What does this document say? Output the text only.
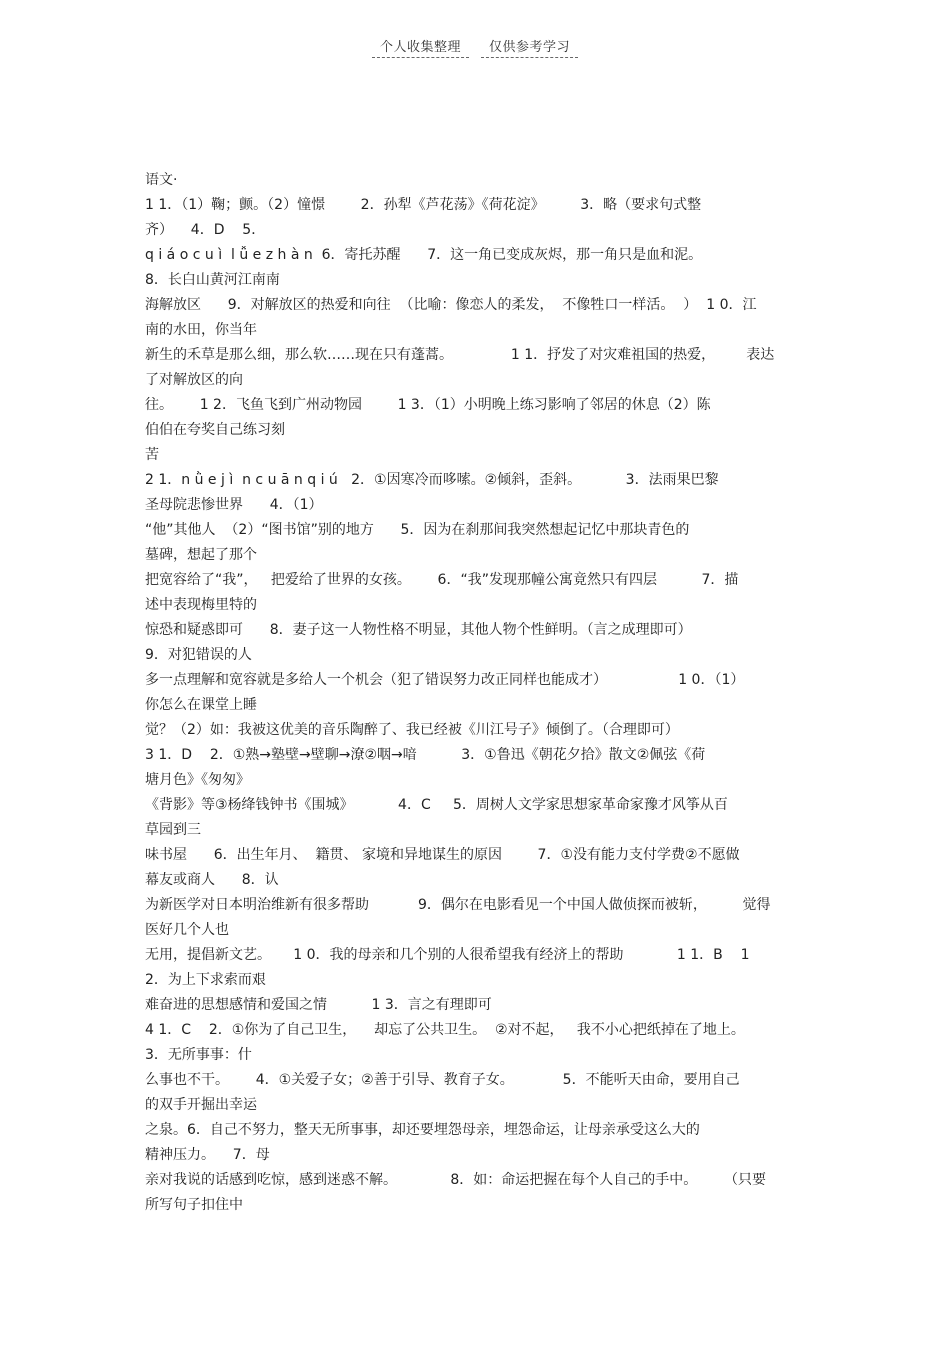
个人收集整理 仅供参考学习
语文·
1 1．（1）鞠；颤。（2）憧憬        2．孙犁《芦花荡》《荷花淀》        3．略（要求句式整
齐）    4．D    5．
q i á o c u ì  l ǚ e z h à n  6．寄托苏醒      7．这一角已变成灰烬，那一角只是血和泥。
8．长白山黄河江南南
海解放区      9．对解放区的热爱和向往  （比喻：像恋人的柔发，  不像牲口一样活。  ）  1 0．江
南的水田，你当年
新生的禾草是那么细，那么软……现在只有蓬蒿。             1 1．抒发了对灾难祖国的热爱，       表达
了对解放区的向
往。      1 2．飞鱼飞到广州动物园        1 3．（1）小明晚上练习影响了邻居的休息（2）陈
伯伯在夸奖自己练习刻
苦
2 1．n ǜ e j ì  n c u ā n q i ú   2．①因寒冷而哆嗦。②倾斜，歪斜。          3．法雨果巴黎
圣母院悲惨世界      4．（1）
“他”其他人  （2）“图书馆”别的地方      5．因为在刹那间我突然想起记忆中那块青色的
墓碑，想起了那个
把宽容给了“我”，   把爱给了世界的女孩。      6．“我”发现那幢公寓竟然只有四层          7．描
述中表现梅里特的
惊恐和疑惑即可      8．妻子这一人物性格不明显，其他人物个性鲜明。（言之成理即可）
9．对犯错误的人
多一点理解和宽容就是多给人一个机会（犯了错误努力改正同样也能成才）                1 0．（1）
你怎么在课堂上睡
觉？（2）如：我被这优美的音乐陶醉了、我已经被《川江号子》倾倒了。（合理即可）
3 1．D    2．①熟→塾壁→壁聊→潦②咽→喑          3．①鲁迅《朝花夕拾》散文②佩弦《荷
塘月色》《匆匆》
《背影》等③杨绛钱钟书《围城》          4．C     5．周树人文学家思想家革命家豫才风筝从百
草园到三
味书屋      6．出生年月、  籍贯、 家境和异地谋生的原因        7．①没有能力支付学费②不愿做
幕友或商人      8．认
为新医学对日本明治维新有很多帮助           9．偶尔在电影看见一个中国人做侦探而被斩，        觉得
医好几个人也
无用，提倡新文艺。     1 0．我的母亲和几个别的人很希望我有经济上的帮助            1 1．B    1
2．为上下求索而艰
难奋进的思想感情和爱国之情          1 3．言之有理即可
4 1．C    2．①你为了自己卫生，    却忘了公共卫生。  ②对不起，   我不小心把纸掉在了地上。
3．无所事事：什
么事也不干。      4．①关爱子女；②善于引导、教育子女。           5．不能听天由命，要用自己
的双手开掘出幸运
之泉。6．自己不努力，整天无所事事，却还要埋怨母亲，埋怨命运，让母亲承受这么大的
精神压力。    7．母
亲对我说的话感到吃惊，感到迷惑不解。            8．如：命运把握在每个人自己的手中。      （只要
所写句子扣住中
